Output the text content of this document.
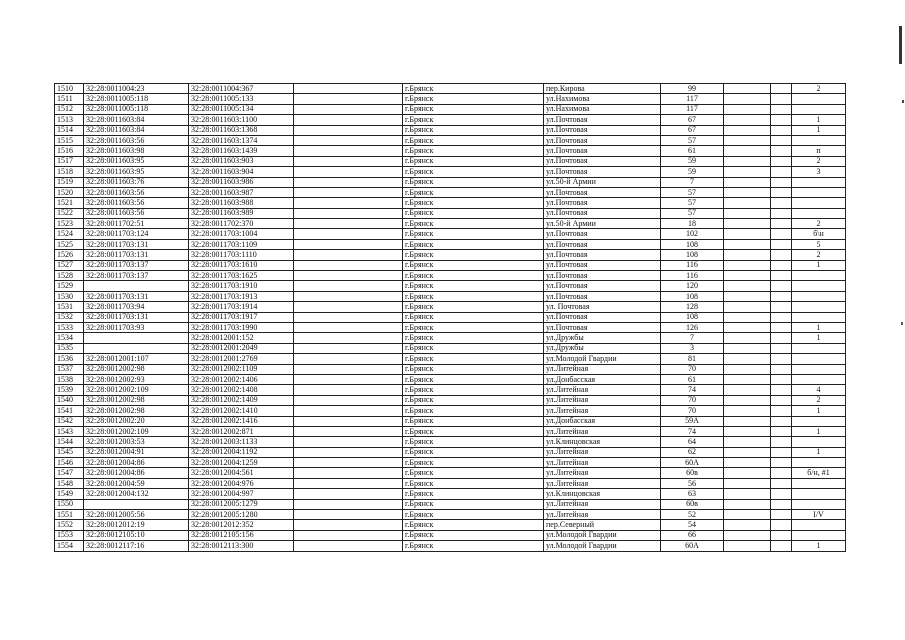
1510	32:28:0011004:23	32:28:0011004:367		г.Брянск	пер.Кирова	99			2
1511	32:28:0011005:118	32:28:0011005:133		г.Брянск	ул.Нахимова	117			
1512	32:28:0011005:118	32:28:0011005:134		г.Брянск	ул.Нахимова	117			
1513	32:28:0011603:84	32:28:0011603:1100		г.Брянск	ул.Почтовая	67			1
1514	32:28:0011603:84	32:28:0011603:1368		г.Брянск	ул.Почтовая	67			1
1515	32:28:0011603:56	32:28:0011603:1374		г.Брянск	ул.Почтовая	57			
1516	32:28:0011603:98	32:28:0011603:1439		г.Брянск	ул.Почтовая	61			п
1517	32:28:0011603:95	32:28:0011603:903		г.Брянск	ул.Почтовая	59			2
1518	32:28:0011603:95	32:28:0011603:904		г.Брянск	ул.Почтовая	59			3
1519	32:28:0011603:76	32:28:0011603:986		г.Брянск	ул.50-й Армии	7			
1520	32:28:0011603:56	32:28:0011603:987		г.Брянск	ул.Почтовая	57			
1521	32:28:0011603:56	32:28:0011603:988		г.Брянск	ул.Почтовая	57			
1522	32:28:0011603:56	32:28:0011603:989		г.Брянск	ул.Почтовая	57			
1523	32:28:0011702:51	32:28:0011702:370		г.Брянск	ул.50-й Армии	18			2
1524	32:28:0011703:124	32:28:0011703:1004		г.Брянск	ул.Почтовая	102			б\н
1525	32:28:0011703:131	32:28:0011703:1109		г.Брянск	ул.Почтовая	108			5
1526	32:28:0011703:131	32:28:0011703:1110		г.Брянск	ул.Почтовая	108			2
1527	32:28:0011703:137	32:28:0011703:1610		г.Брянск	ул.Почтовая	116			1
1528	32:28:0011703:137	32:28:0011703:1625		г.Брянск	ул.Почтовая	116			
1529		32:28:0011703:1910		г.Брянск	ул.Почтовая	120			
1530	32:28:0011703:131	32:28:0011703:1913		г.Брянск	ул.Почтовая	108			
1531	32:28:0011703:94	32:28:0011703:1914		г.Брянск	ул. Почтовая	128			
1532	32:28:0011703:131	32:28:0011703:1917		г.Брянск	ул.Почтовая	108			
1533	32:28:0011703:93	32:28:0011703:1990		г.Брянск	ул.Почтовая	126			1
1534		32:28:0012001:152		г.Брянск	ул.Дружбы	7			1
1535		32:28:0012001:2049		г.Брянск	ул.Дружбы	3			
1536	32:28:0012001:107	32:28:0012001:2769		г.Брянск	ул.Молодой Гвардии	81			
1537	32:28:0012002:98	32:28:0012002:1109		г.Брянск	ул.Литейная	70			
1538	32:28:0012002:93	32:28:0012002:1406		г.Брянск	ул.Донбасская	61			
1539	32:28:0012002:109	32:28:0012002:1408		г.Брянск	ул.Литейная	74			4
1540	32:28:0012002:98	32:28:0012002:1409		г.Брянск	ул.Литейная	70			2
1541	32:28:0012002:98	32:28:0012002:1410		г.Брянск	ул.Литейная	70			1
1542	32:28:0012002:20	32:28:0012002:1416		г.Брянск	ул.Донбасская	59А			
1543	32:28:0012002:109	32:28:0012002:871		г.Брянск	ул.Литейная	74			1
1544	32:28:0012003:53	32:28:0012003:1133		г.Брянск	ул.Клинцовская	64			
1545	32:28:0012004:91	32:28:0012004:1192		г.Брянск	ул.Литейная	62			1
1546	32:28:0012004:86	32:28:0012004:1259		г.Брянск	ул.Литейная	60А			
1547	32:28:0012004:86	32:28:0012004:561		г.Брянск	ул.Литейная	60в			б/н, #1
1548	32:28:0012004:59	32:28:0012004:976		г.Брянск	ул.Литейная	56			
1549	32:28:0012004:132	32:28:0012004:997		г.Брянск	ул.Клинцовская	63			
1550		32:28:0012005:1279		г.Брянск	ул.Литейная	60в			
1551	32:28:0012005:56	32:28:0012005:1280		г.Брянск	ул.Литейная	52			I/V
1552	32:28:0012012:19	32:28:0012012:352		г.Брянск	пер.Северный	54			
1553	32:28:0012105:10	32:28:0012105:156		г.Брянск	ул.Молодой Гвардии	66			
1554	32:28:0012117:16	32:28:0012113:300		г.Брянск	ул.Молодой Гвардии	60А			1
